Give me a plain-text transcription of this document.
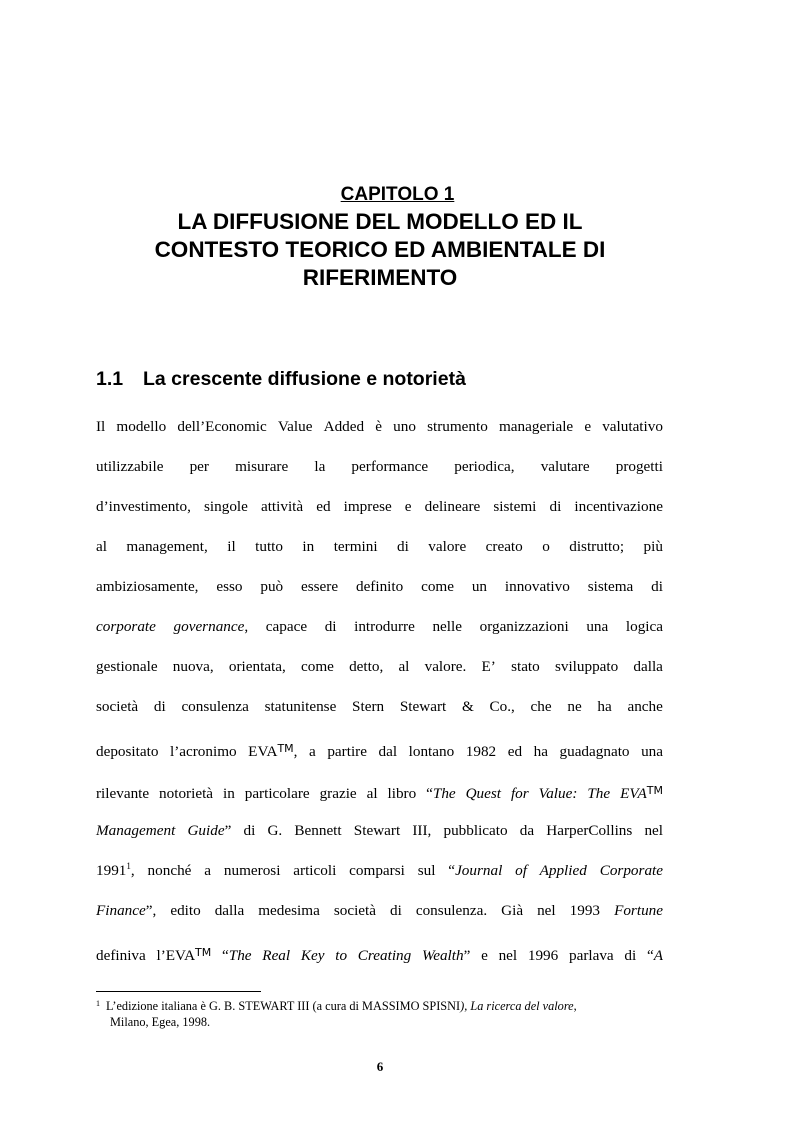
CAPITOLO 1
LA DIFFUSIONE DEL MODELLO ED IL
CONTESTO TEORICO ED AMBIENTALE DI
RIFERIMENTO
1.1 La crescente diffusione e notorietà
Il modello dell’Economic Value Added è uno strumento manageriale e valutativo
utilizzabile per misurare la performance periodica, valutare progetti
d’investimento, singole attività ed imprese e delineare sistemi di incentivazione
al management, il tutto in termini di valore creato o distrutto; più
ambiziosamente, esso può essere definito come un innovativo sistema di
corporate governance, capace di introdurre nelle organizzazioni una logica
gestionale nuova, orientata, come detto, al valore. E’ stato sviluppato dalla
società di consulenza statunitense Stern Stewart & Co., che ne ha anche
depositato l’acronimo EVA™, a partire dal lontano 1982 ed ha guadagnato una
rilevante notorietà in particolare grazie al libro “The Quest for Value: The EVA™
Management Guide” di G. Bennett Stewart III, pubblicato da HarperCollins nel
1991$^1$, nonché a numerosi articoli comparsi sul “Journal of Applied Corporate
Finance”, edito dalla medesima società di consulenza. Già nel 1993 Fortune
definiva l’EVA™ “The Real Key to Creating Wealth” e nel 1996 parlava di “A
$^1$ L’edizione italiana è G. B. STEWART III (a cura di MASSIMO SPISNI), La ricerca del valore,
Milano, Egea, 1998.
6
